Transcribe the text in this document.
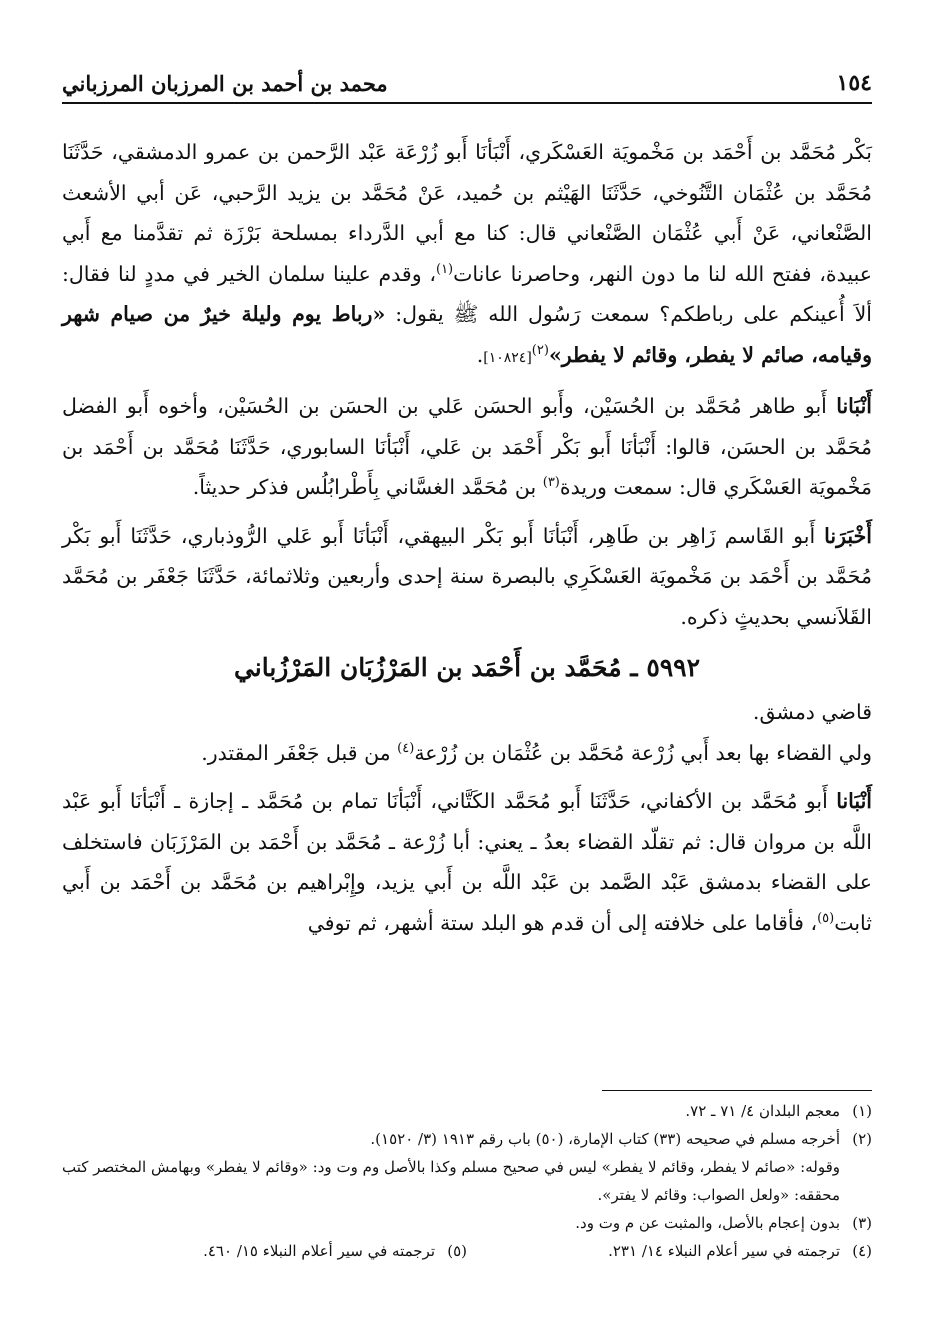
١٥٤
محمد بن أحمد بن المرزبان المرزباني

بَكْر مُحَمَّد بن أَحْمَد بن مَخْمويَة العَسْكَري، أَنْبَأنَا أَبو زُرْعَة عَبْد الرَّحمن بن عمرو الدمشقي، حَدَّثَنَا مُحَمَّد بن عُثْمَان التَّنُوخي، حَدَّثَنَا الهَيْثم بن حُميد، عَنْ مُحَمَّد بن يزيد الرَّحبي، عَن أبي الأشعث الصَّنْعاني، عَنْ أَبي عُثْمَان الصَّنْعاني قال: كنا مع أبي الدَّرداء بمسلحة بَرْزَة ثم تقدَّمنا مع أَبي عبيدة، ففتح الله لنا ما دون النهر، وحاصرنا عانات$^{(١)}$، وقدم علينا سلمان الخير في مددٍ لنا فقال: ألاَ أُعينكم على رباطكم؟ سمعت رَسُول الله ﷺ يقول: «رباط يوم وليلة خيرٌ من صيام شهر وقيامه، صائم لا يفطر، وقائم لا يفطر»$^{(٢)}$[١٠٨٢٤].

أَنْبَانا أَبو طاهر مُحَمَّد بن الحُسَيْن، وأَبو الحسَن عَلي بن الحسَن بن الحُسَيْن، وأخوه أَبو الفضل مُحَمَّد بن الحسَن، قالوا: أَنْبَأنَا أَبو بَكْر أَحْمَد بن عَلي، أَنْبَأنَا السابوري، حَدَّثَنَا مُحَمَّد بن أَحْمَد بن مَخْمويَة العَسْكَري قال: سمعت وريدة$^{(٣)}$ بن مُحَمَّد الغسَّاني بِأَطْرابُلُس فذكر حديثاً.

أَخْبَرَنا أَبو القَاسم زَاهِر بن طَاهِر، أَنْبَأنَا أَبو بَكْر البيهقي، أَنْبَأنَا أَبو عَلي الرُّوذباري، حَدَّثَنَا أَبو بَكْر مُحَمَّد بن أَحْمَد بن مَخْمويَة العَسْكَرِي بالبصرة سنة إحدى وأربعين وثلاثمائة، حَدَّثَنَا جَعْفَر بن مُحَمَّد القَلاَنسي بحديثٍ ذكره.

٥٩٩٢ ـ مُحَمَّد بن أَحْمَد بن المَرْزُبَان المَرْزُباني

قاضي دمشق.

ولي القضاء بها بعد أَبي زُرْعة مُحَمَّد بن عُثْمَان بن زُرْعة$^{(٤)}$ من قبل جَعْفَر المقتدر.

أَنْبَانا أَبو مُحَمَّد بن الأكفاني، حَدَّثَنَا أَبو مُحَمَّد الكَتَّاني، أَنْبَأنَا تمام بن مُحَمَّد ـ إجازة ـ أَنْبَأنَا أَبو عَبْد اللَّه بن مروان قال: ثم تقلّد القضاء بعدُ ـ يعني: أبا زُرْعة ـ مُحَمَّد بن أَحْمَد بن المَرْزَبَان فاستخلف على القضاء بدمشق عَبْد الصَّمد بن عَبْد اللَّه بن أَبي يزيد، وإِبْراهيم بن مُحَمَّد بن أَحْمَد بن أَبي ثابت$^{(٥)}$، فأقاما على خلافته إلى أن قدم هو البلد ستة أشهر، ثم توفي

(١)
معجم البلدان ٤/ ٧١ ـ ٧٢.
(٢)
أخرجه مسلم في صحيحه (٣٣) كتاب الإمارة، (٥٠) باب رقم ١٩١٣ (٣/ ١٥٢٠).
وقوله: «صائم لا يفطر، وقائم لا يفطر» ليس في صحيح مسلم وكذا بالأصل وم وت ود: «وقائم لا يفطر» وبهامش المختصر كتب محققه: «ولعل الصواب: وقائم لا يفتر».
(٣)
بدون إعجام بالأصل، والمثبت عن م وت ود.
(٤)
ترجمته في سير أعلام النبلاء ١٤/ ٢٣١.
(٥)
ترجمته في سير أعلام النبلاء ١٥/ ٤٦٠.
